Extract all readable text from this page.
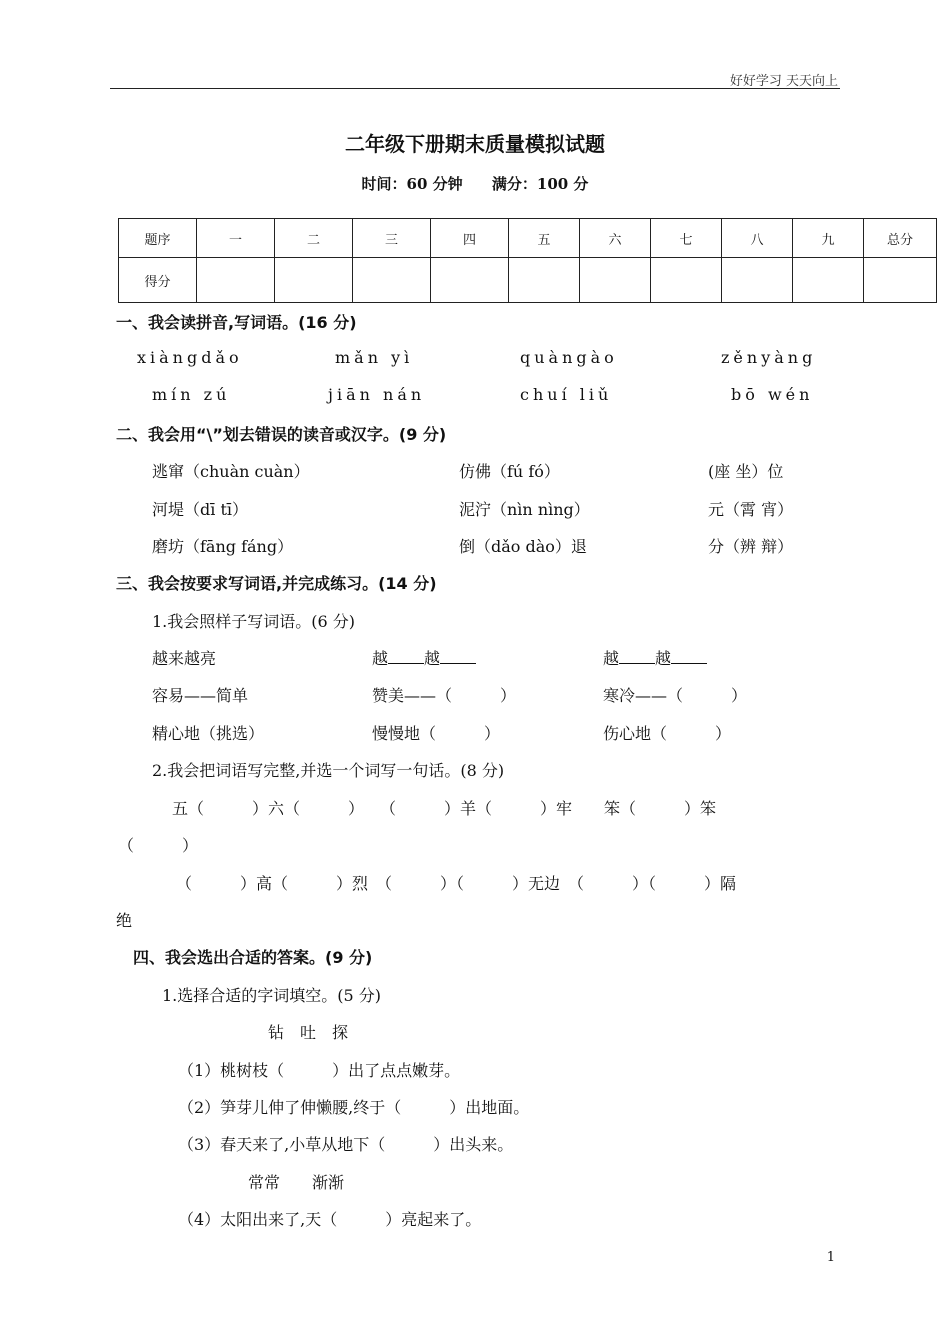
好好学习 天天向上
二年级下册期末质量模拟试题
时间：60 分钟 满分：100 分
题序	一	二	三	四	五	六	七	八	九	总分
得分										
一、我会读拼音,写词语。(16 分)
xiàngdǎo	mǎn yì	quàngào	zěnyàng
mín zú	jiān nán	chuí liǔ	bō wén
二、我会用“\”划去错误的读音或汉字。(9 分)
逃窜（chuàn cuàn）	仿佛（fú fó）	(座 坐）位
河堤（dī tī）	泥泞（nìn nìng）	元（霄 宵）
磨坊（fāng fáng）	倒（dǎo dào）退	分（辨 辩）
三、我会按要求写词语,并完成练习。(14 分)
1.我会照样子写词语。(6 分)
越来越亮	越 越	越 越
容易——简单	赞美——（　　　）	寒冷——（　　　）
精心地（挑选）	慢慢地（　　　）	伤心地（　　　）
2.我会把词语写完整,并选一个词写一句话。(8 分)
五（　　　）六（　　　）　　（　　　）羊（　　　）牢　　笨（　　　）笨
（　　　）
（　　　）高（　　　）烈　（　　　）（　　　）无边　（　　　）（　　　）隔
绝
四、我会选出合适的答案。(9 分)
1.选择合适的字词填空。(5 分)
钻　吐　探
（1）桃树枝（　　　）出了点点嫩芽。
（2）笋芽儿伸了伸懒腰,终于（　　　）出地面。
（3）春天来了,小草从地下（　　　）出头来。
常常　　渐渐
（4）太阳出来了,天（　　　）亮起来了。
1
